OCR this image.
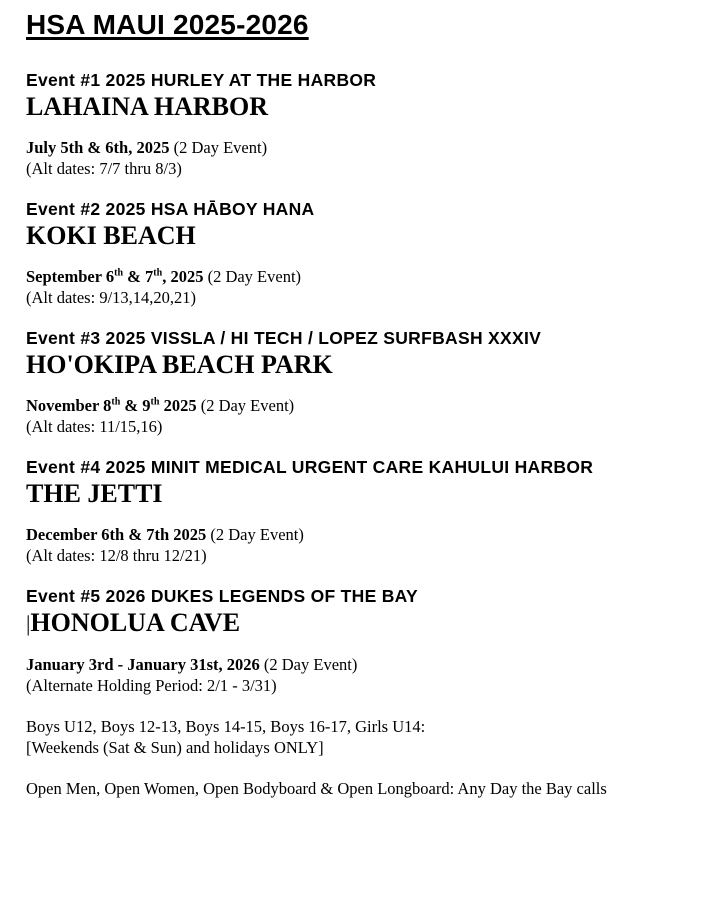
HSA MAUI 2025-2026
Event #1 2025 HURLEY AT THE HARBOR
LAHAINA HARBOR
July 5th & 6th, 2025 (2 Day Event)
(Alt dates: 7/7 thru 8/3)
Event #2 2025 HSA HĀBOY HANA
KOKI BEACH
September 6th & 7th, 2025 (2 Day Event)
(Alt dates: 9/13,14,20,21)
Event #3 2025 VISSLA / HI TECH / LOPEZ SURFBASH XXXIV
HO'OKIPA BEACH PARK
November 8th & 9th 2025 (2 Day Event)
(Alt dates: 11/15,16)
Event #4 2025 MINIT MEDICAL URGENT CARE KAHULUI HARBOR
THE JETTI
December 6th & 7th 2025 (2 Day Event)
(Alt dates: 12/8 thru 12/21)
Event #5 2026 DUKES LEGENDS OF THE BAY
|HONOLUA CAVE
January 3rd - January 31st, 2026 (2 Day Event)
(Alternate Holding Period: 2/1 - 3/31)
Boys U12, Boys 12-13, Boys 14-15, Boys 16-17, Girls U14:
[Weekends (Sat & Sun) and holidays ONLY]
Open Men, Open Women, Open Bodyboard & Open Longboard: Any Day the Bay calls
